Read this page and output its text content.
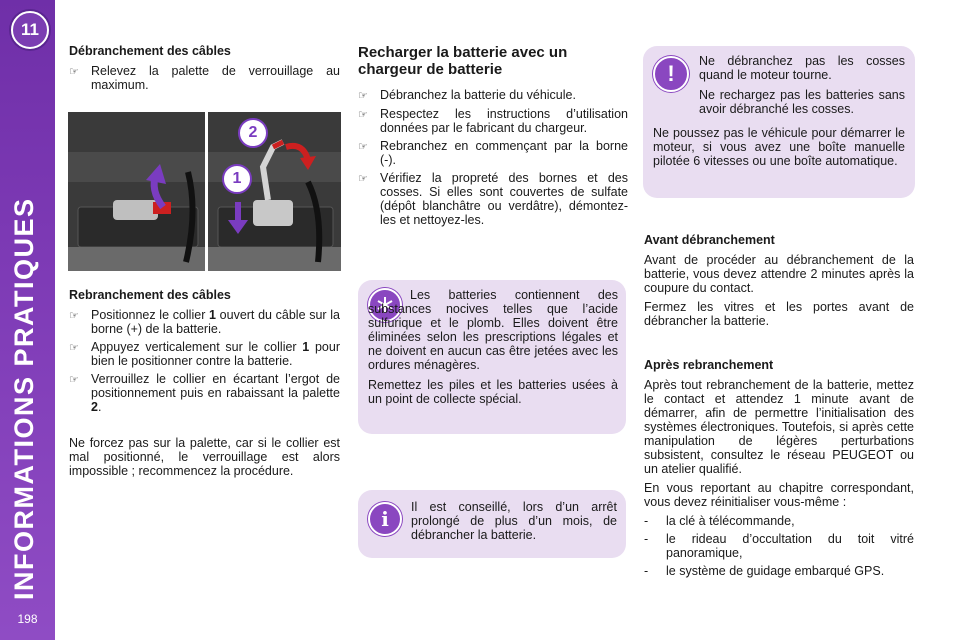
11
INFORMATIONS PRATIQUES
198
Débranchement des câbles
☞ Relevez la palette de verrouillage au maximum.
1
2
Rebranchement des câbles
☞ Positionnez le collier 1 ouvert du câble sur la borne (+) de la batterie.
☞ Appuyez verticalement sur le collier 1 pour bien le positionner contre la batterie.
☞ Verrouillez le collier en écartant l’ergot de positionnement puis en rabaissant la palette 2.
Ne forcez pas sur la palette, car si le collier est mal positionné, le verrouillage est alors impossible ; recommencez la procédure.
Recharger la batterie avec un chargeur de batterie
☞ Débranchez la batterie du véhicule.
☞ Respectez les instructions d’utilisation données par le fabricant du chargeur.
☞ Rebranchez en commençant par la borne (-).
☞ Vérifiez la propreté des bornes et des cosses. Si elles sont couvertes de sulfate (dépôt blanchâtre ou verdâtre), démontez-les et nettoyez-les.
Les batteries contiennent des substances nocives telles que l’acide sulfurique et le plomb. Elles doivent être éliminées selon les prescriptions légales et ne doivent en aucun cas être jetées avec les ordures ménagères.
Remettez les piles et les batteries usées à un point de collecte spécial.
i	Il est conseillé, lors d’un arrêt prolongé de plus d’un mois, de débrancher la batterie.
!	Ne débranchez pas les cosses quand le moteur tourne.
Ne rechargez pas les batteries sans avoir débranché les cosses.
Ne poussez pas le véhicule pour démarrer le moteur, si vous avez une boîte manuelle pilotée 6 vitesses ou une boîte automatique.
Avant débranchement
Avant de procéder au débranchement de la batterie, vous devez attendre 2 minutes après la coupure du contact.
Fermez les vitres et les portes avant de débrancher la batterie.
Après rebranchement
Après tout rebranchement de la batterie, mettez le contact et attendez 1 minute avant de démarrer, afin de permettre l’initialisation des systèmes électroniques. Toutefois, si après cette manipulation de légères perturbations subsistent, consultez le réseau PEUGEOT ou un atelier qualifié.
En vous reportant au chapitre correspondant, vous devez réinitialiser vous-même :
-	la clé à télécommande,
-	le rideau d’occultation du toit vitré panoramique,
-	le système de guidage embarqué GPS.
